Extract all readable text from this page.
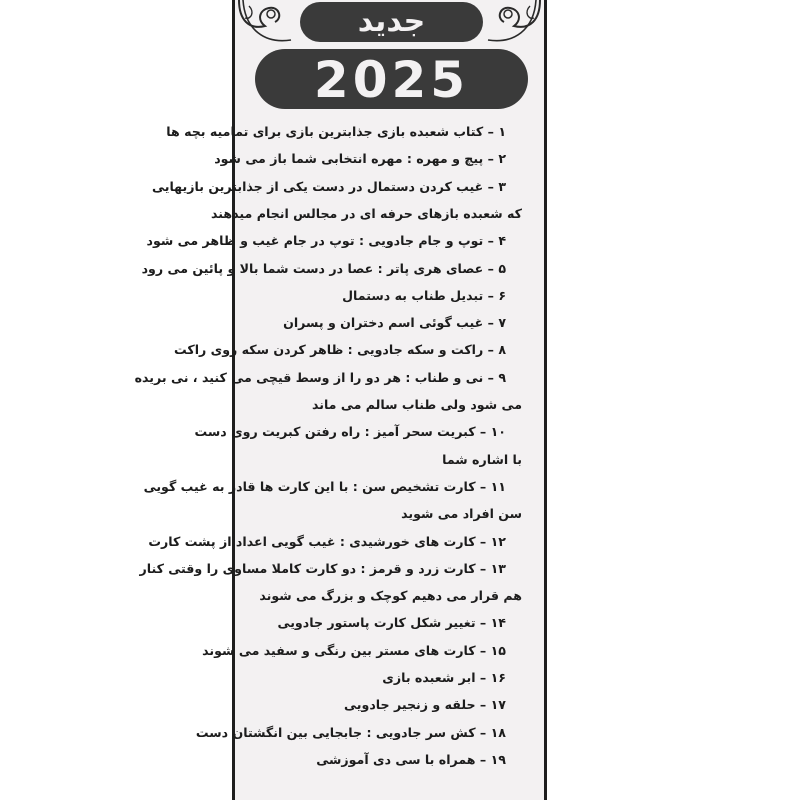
جدید
2025
۱ – کتاب شعبده بازی جذابترین بازی برای تمامیه بچه ها
۲ – پیچ و مهره : مهره انتخابی شما باز می شود
۳ – غیب کردن دستمال در دست یکی از جذابترین بازیهایی
که شعبده بازهای حرفه ای در مجالس انجام میدهند
۴ – توپ و جام جادویی : توپ در جام غیب و ظاهر می شود
۵ – عصای هری پاتر : عصا در دست شما بالا و پائین می رود
۶ – تبدیل طناب به دستمال
۷ – غیب گوئی اسم دختران و پسران
۸ – راکت و سکه جادویی : ظاهر کردن سکه روی راکت
۹ – نی و طناب : هر دو را از وسط قیچی می کنید ، نی بریده
می شود ولی طناب سالم می ماند
۱۰ – کبریت سحر آمیز : راه رفتن کبریت روی دست
با اشاره شما
۱۱ – کارت تشخیص سن : با این کارت ها قادر به غیب گویی
سن افراد می شوید
۱۲ – کارت های خورشیدی : غیب گویی اعداد از پشت کارت
۱۳ – کارت زرد و قرمز : دو کارت کاملا مساوی را وقتی کنار
هم قرار می دهیم کوچک و بزرگ می شوند
۱۴ – تغییر شکل کارت پاستور جادویی
۱۵ – کارت های مستر بین رنگی و سفید می شوند
۱۶ – ابر شعبده بازی
۱۷ – حلقه و زنجیر جادویی
۱۸ – کش سر جادویی : جابجایی بین انگشتان دست
۱۹ – همراه با سی دی آموزشی
